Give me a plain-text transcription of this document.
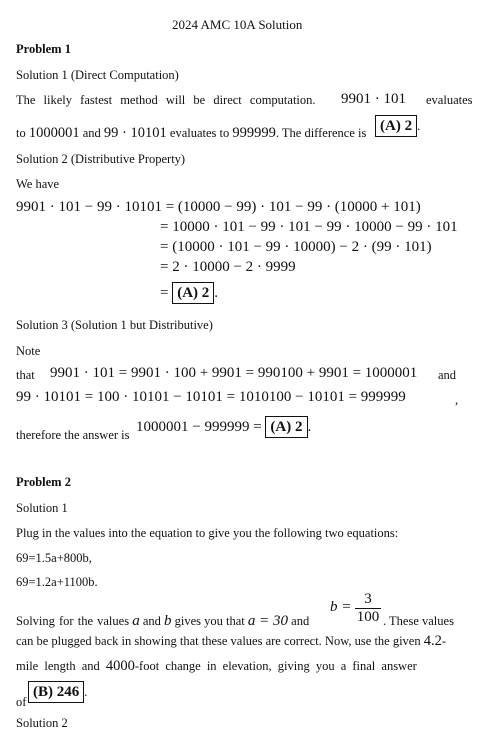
2024 AMC 10A Solution
Problem 1
Solution 1 (Direct Computation)
The likely fastest method will be direct computation. 9901 · 101 evaluates
to 1000001 and 99 · 10101 evaluates to 999999. The difference is (A) 2 .
Solution 2 (Distributive Property)
We have
9901 · 101 − 99 · 10101 = (10000 − 99) · 101 − 99 · (10000 + 101)
= 10000 · 101 − 99 · 101 − 99 · 10000 − 99 · 101
= (10000 · 101 − 99 · 10000) − 2 · (99 · 101)
= 2 · 10000 − 2 · 9999
= (A) 2 .
Solution 3 (Solution 1 but Distributive)
Note
that 9901 · 101 = 9901 · 100 + 9901 = 990100 + 9901 = 1000001 and
99 · 10101 = 100 · 10101 − 10101 = 1010100 − 10101 = 999999	,
therefore the answer is 1000001 − 999999 = (A) 2 .
Problem 2
Solution 1
Plug in the values into the equation to give you the following two equations:
69=1.5a+800b,
69=1.2a+1100b.
Solving for the values a and b gives you that a = 30 and
$b = \frac{3}{100}$ . These values
can be plugged back in showing that these values are correct. Now, use the given 4.2-
mile length and 4000-foot change in elevation, giving you a final answer
of
(B) 246 .
Solution 2
